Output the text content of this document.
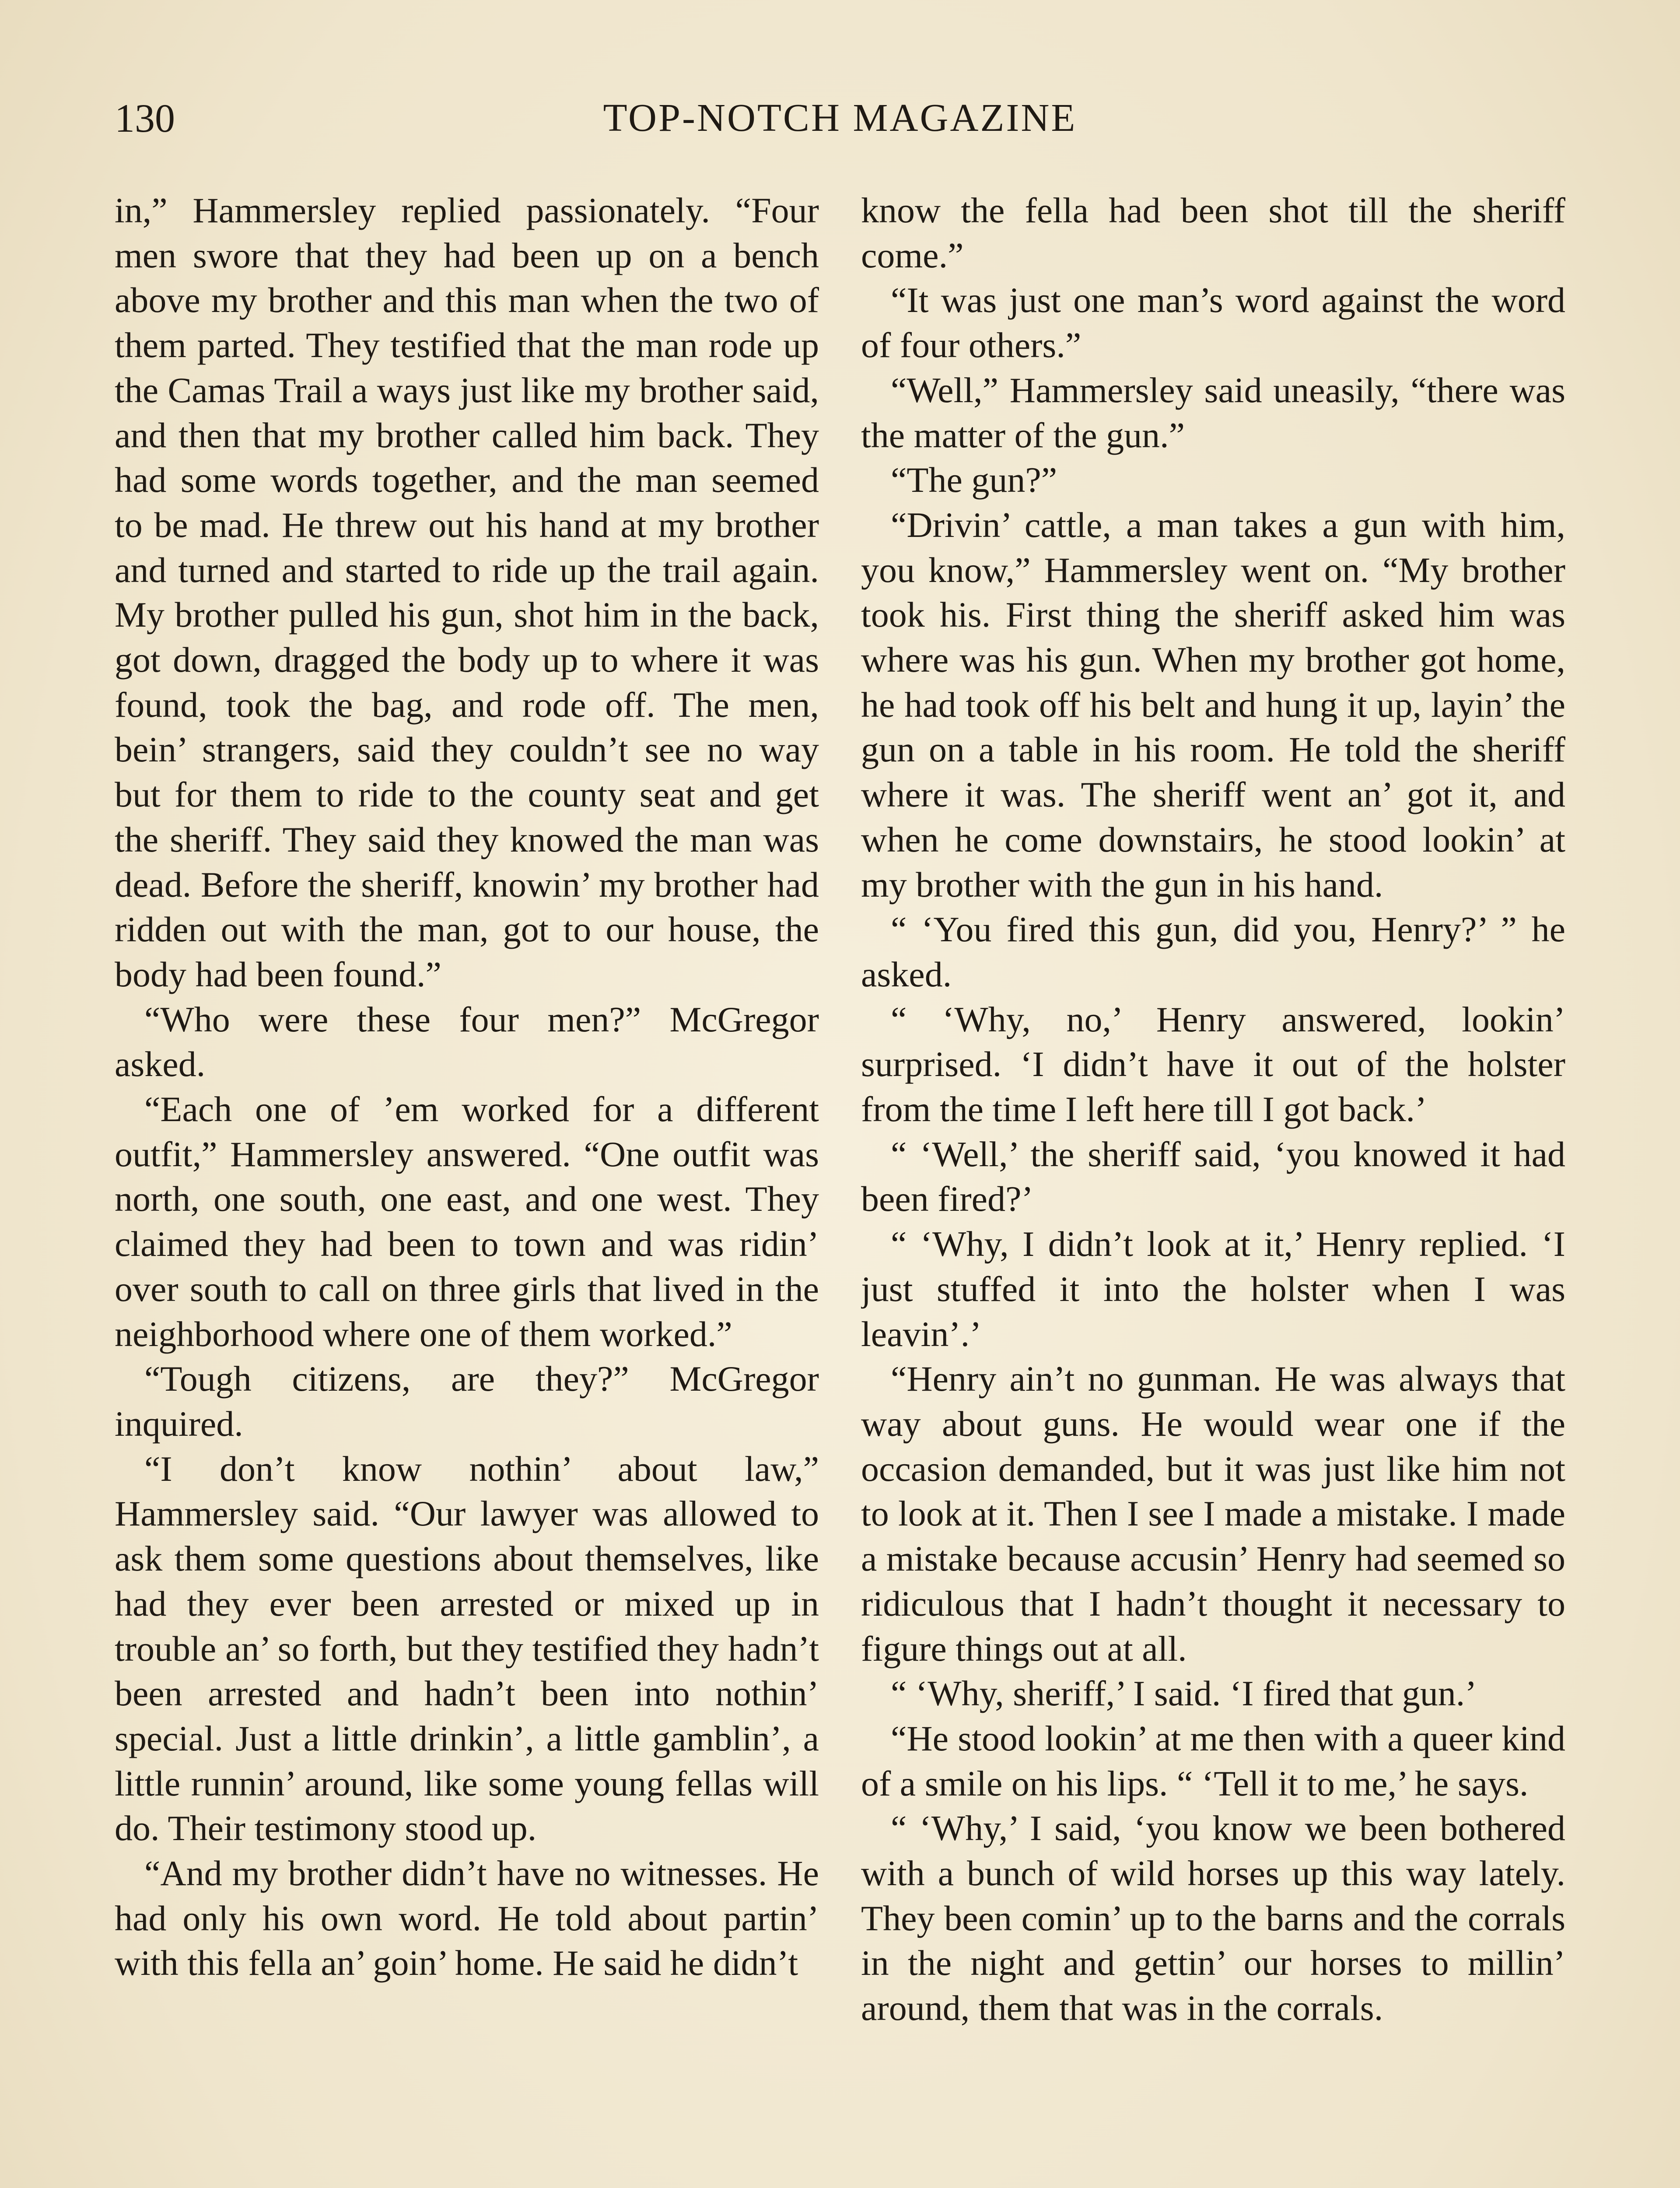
130	TOP-NOTCH MAGAZINE

in,” Hammersley replied passionately. “Four men swore that they had been up on a bench above my brother and this man when the two of them parted. They testified that the man rode up the Camas Trail a ways just like my brother said, and then that my brother called him back. They had some words together, and the man seemed to be mad. He threw out his hand at my brother and turned and started to ride up the trail again. My brother pulled his gun, shot him in the back, got down, dragged the body up to where it was found, took the bag, and rode off. The men, bein’ strangers, said they couldn’t see no way but for them to ride to the county seat and get the sheriff. They said they knowed the man was dead. Before the sheriff, knowin’ my brother had ridden out with the man, got to our house, the body had been found.”

“Who were these four men?” McGregor asked.

“Each one of ’em worked for a different outfit,” Hammersley answered. “One outfit was north, one south, one east, and one west. They claimed they had been to town and was ridin’ over south to call on three girls that lived in the neighborhood where one of them worked.”

“Tough citizens, are they?” McGregor inquired.

“I don’t know nothin’ about law,” Hammersley said. “Our lawyer was allowed to ask them some questions about themselves, like had they ever been arrested or mixed up in trouble an’ so forth, but they testified they hadn’t been arrested and hadn’t been into nothin’ special. Just a little drinkin’, a little gamblin’, a little runnin’ around, like some young fellas will do. Their testimony stood up.

“And my brother didn’t have no witnesses. He had only his own word. He told about partin’ with this fella an’ goin’ home. He said he didn’t

know the fella had been shot till the sheriff come.”

“It was just one man’s word against the word of four others.”

“Well,” Hammersley said uneasily, “there was the matter of the gun.”

“The gun?”

“Drivin’ cattle, a man takes a gun with him, you know,” Hammersley went on. “My brother took his. First thing the sheriff asked him was where was his gun. When my brother got home, he had took off his belt and hung it up, layin’ the gun on a table in his room. He told the sheriff where it was. The sheriff went an’ got it, and when he come downstairs, he stood lookin’ at my brother with the gun in his hand.

“ ‘You fired this gun, did you, Henry?’ ” he asked.

“ ‘Why, no,’ Henry answered, lookin’ surprised. ‘I didn’t have it out of the holster from the time I left here till I got back.’

“ ‘Well,’ the sheriff said, ‘you knowed it had been fired?’

“ ‘Why, I didn’t look at it,’ Henry replied. ‘I just stuffed it into the holster when I was leavin’.’

“Henry ain’t no gunman. He was always that way about guns. He would wear one if the occasion demanded, but it was just like him not to look at it. Then I see I made a mistake. I made a mistake because accusin’ Henry had seemed so ridiculous that I hadn’t thought it necessary to figure things out at all.

“ ‘Why, sheriff,’ I said. ‘I fired that gun.’

“He stood lookin’ at me then with a queer kind of a smile on his lips. “ ‘Tell it to me,’ he says.

“ ‘Why,’ I said, ‘you know we been bothered with a bunch of wild horses up this way lately. They been comin’ up to the barns and the corrals in the night and gettin’ our horses to millin’ around, them that was in the corrals.
